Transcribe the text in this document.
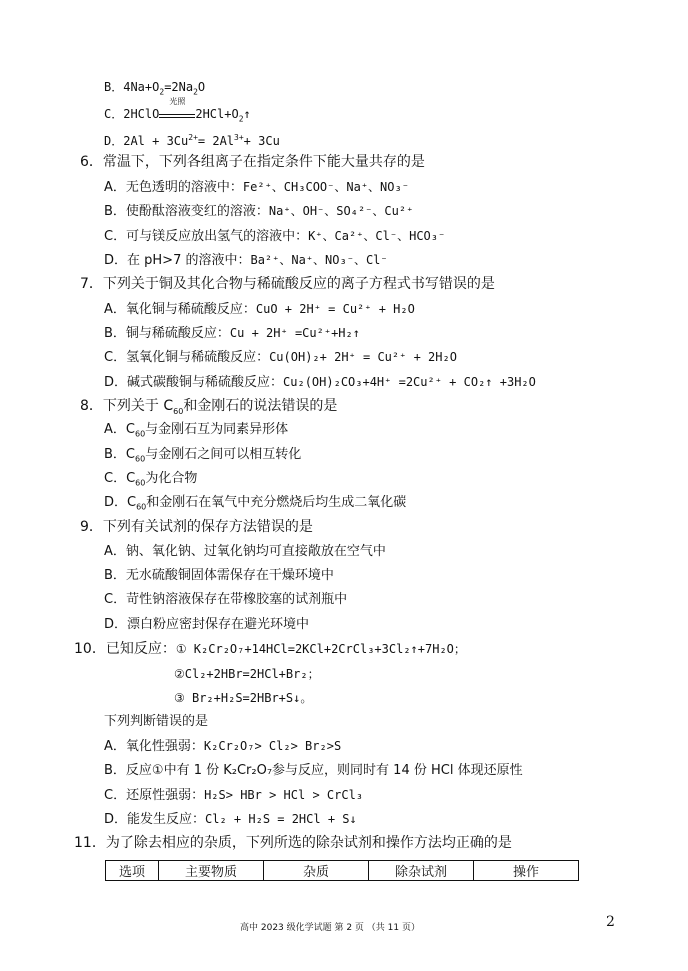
B．$4Na+O_2=2Na_2O$
C．2HClO
光照
$2HCl+O_2↑$
D．$2Al + 3Cu^{2+}= 2Al^{3+}+ 3Cu$
6．常温下，下列各组离子在指定条件下能大量共存的是
A．无色透明的溶液中：Fe²⁺、CH₃COO⁻、Na⁺、NO₃⁻
B．使酚酞溶液变红的溶液：Na⁺、OH⁻、SO₄²⁻、Cu²⁺
C．可与镁反应放出氢气的溶液中：K⁺、Ca²⁺、Cl⁻、HCO₃⁻
D．在 pH>7 的溶液中：Ba²⁺、Na⁺、NO₃⁻、Cl⁻
7．下列关于铜及其化合物与稀硫酸反应的离子方程式书写错误的是
A．氧化铜与稀硫酸反应：CuO + 2H⁺ = Cu²⁺ + H₂O
B．铜与稀硫酸反应：Cu + 2H⁺ =Cu²⁺+H₂↑
C．氢氧化铜与稀硫酸反应：Cu(OH)₂+ 2H⁺ = Cu²⁺ + 2H₂O
D．碱式碳酸铜与稀硫酸反应：Cu₂(OH)₂CO₃+4H⁺ =2Cu²⁺ + CO₂↑ +3H₂O
8．下列关于 $C_{60}$和金刚石的说法错误的是
A．$C_{60}$与金刚石互为同素异形体
B．$C_{60}$与金刚石之间可以相互转化
C．$C_{60}$为化合物
D．$C_{60}$和金刚石在氧气中充分燃烧后均生成二氧化碳
9．下列有关试剂的保存方法错误的是
A．钠、氧化钠、过氧化钠均可直接敞放在空气中
B．无水硫酸铜固体需保存在干燥环境中
C．苛性钠溶液保存在带橡胶塞的试剂瓶中
D．漂白粉应密封保存在避光环境中
10．已知反应：① K₂Cr₂O₇+14HCl=2KCl+2CrCl₃+3Cl₂↑+7H₂O；
②Cl₂+2HBr=2HCl+Br₂；
③ Br₂+H₂S=2HBr+S↓。
下列判断错误的是
A．氧化性强弱：K₂Cr₂O₇> Cl₂> Br₂>S
B．反应①中有 1 份 K₂Cr₂O₇参与反应，则同时有 14 份 HCl 体现还原性
C．还原性强弱：H₂S> HBr > HCl > CrCl₃
D．能发生反应：Cl₂ + H₂S = 2HCl + S↓
11．为了除去相应的杂质，下列所选的除杂试剂和操作方法均正确的是
选项	主要物质	杂质	除杂试剂	操作
高中 2023 级化学试题 第 2 页 （共 11 页）	2
